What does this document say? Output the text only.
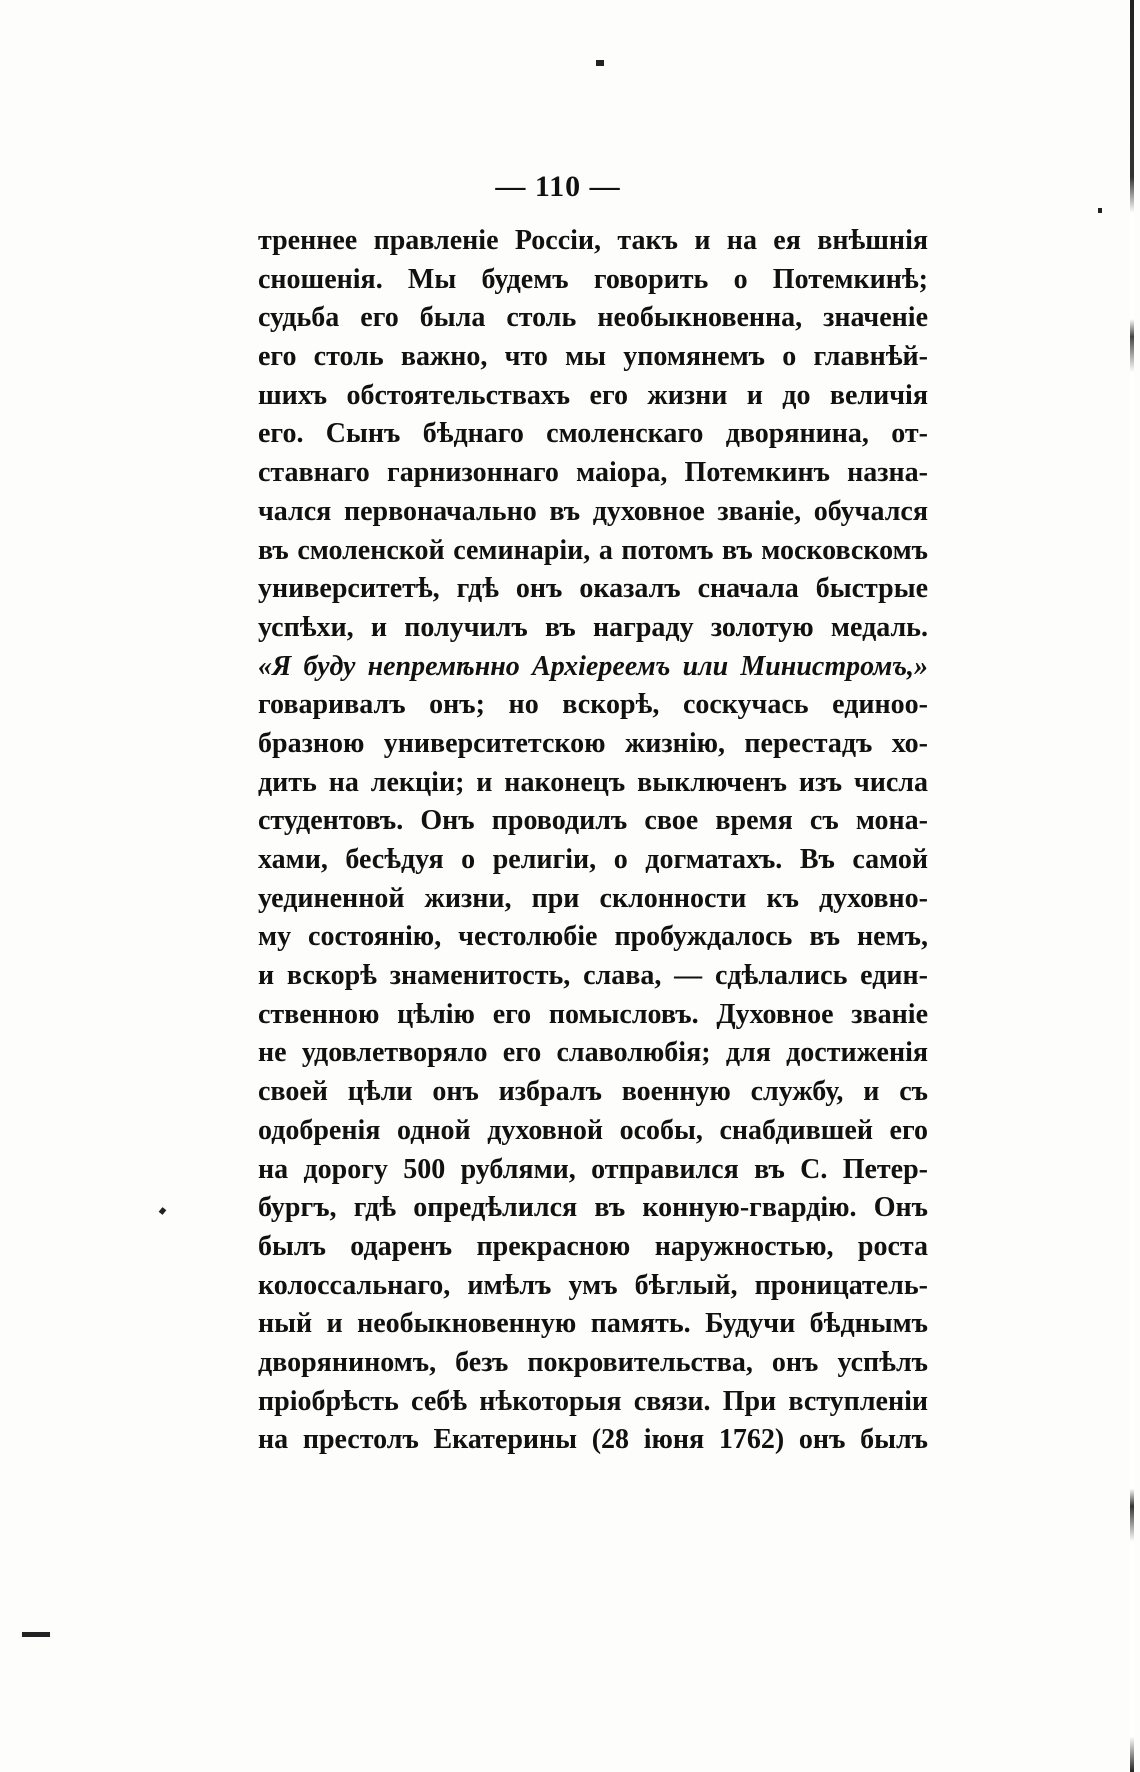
— 110 —
треннее правленіе Россіи, такъ и на ея внѣшнія
сношенія. Мы будемъ говорить о Потемкинѣ;
судьба его была столь необыкновенна, значеніе
его столь важно, что мы упомянемъ о главнѣй-
шихъ обстоятельствахъ его жизни и до величія
его. Сынъ бѣднаго смоленскаго дворянина, от-
ставнаго гарнизоннаго маіора, Потемкинъ назна-
чался первоначально въ духовное званіе, обучался
въ смоленской семинаріи, а потомъ въ московскомъ
университетѣ, гдѣ онъ оказалъ сначала быстрые
успѣхи, и получилъ въ награду золотую медаль.
«Я буду непремѣнно Архіереемъ или Министромъ,»
говаривалъ онъ; но вскорѣ, соскучась единоо-
бразною университетскою жизнію, перестадъ хо-
дить на лекціи; и наконецъ выключенъ изъ числа
студентовъ. Онъ проводилъ свое время съ мона-
хами, бесѣдуя о религіи, о догматахъ. Въ самой
уединенной жизни, при склонности къ духовно-
му состоянію, честолюбіе пробуждалось въ немъ,
и вскорѣ знаменитость, слава, — сдѣлались един-
ственною цѣлію его помысловъ. Духовное званіе
не удовлетворяло его славолюбія; для достиженія
своей цѣли онъ избралъ военную службу, и съ
одобренія одной духовной особы, снабдившей его
на дорогу 500 рублями, отправился въ С. Петер-
бургъ, гдѣ опредѣлился въ конную-гвардію. Онъ
былъ одаренъ прекрасною наружностью, роста
колоссальнаго, имѣлъ умъ бѣглый, проницатель-
ный и необыкновенную память. Будучи бѣднымъ
дворяниномъ, безъ покровительства, онъ успѣлъ
пріобрѣсть себѣ нѣкоторыя связи. При вступленіи
на престолъ Екатерины (28 іюня 1762) онъ былъ
